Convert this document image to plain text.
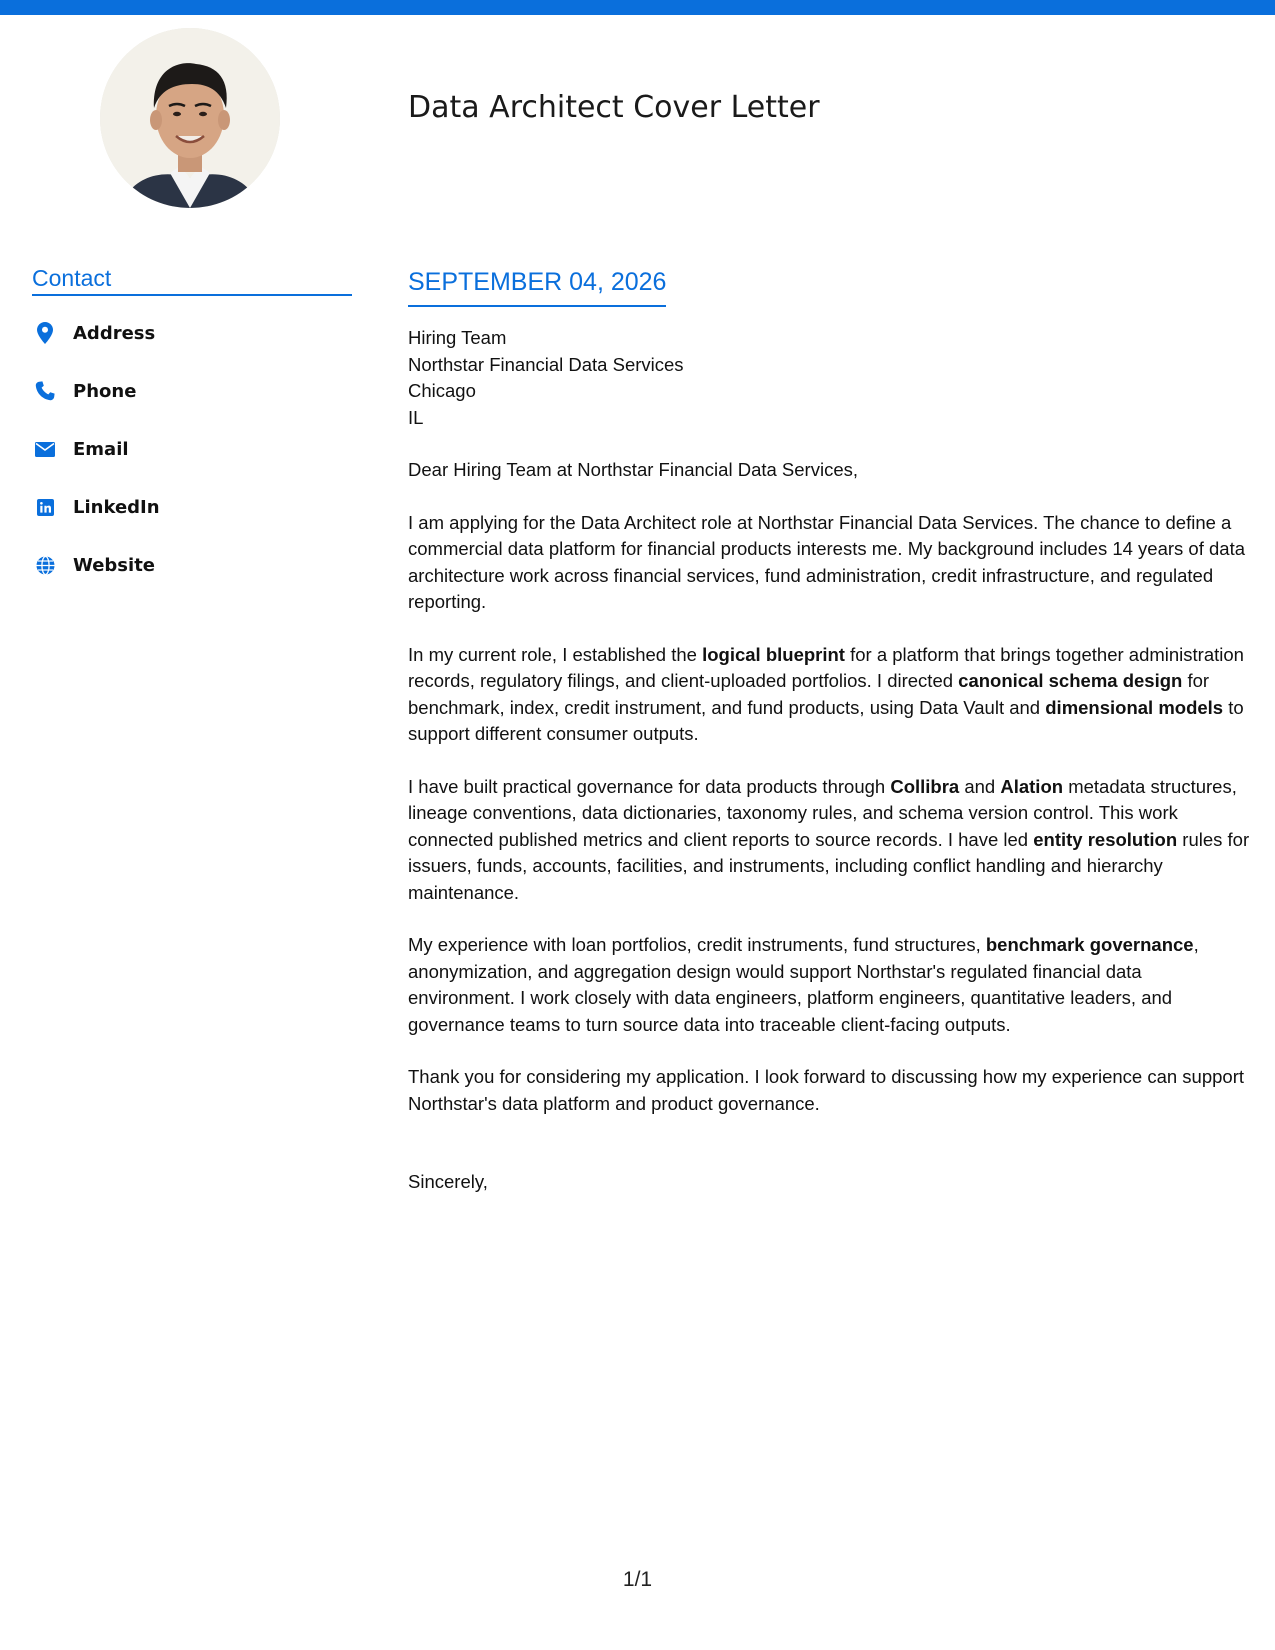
Data Architect Cover Letter
Contact
Address
Phone
Email
LinkedIn
Website
SEPTEMBER 04, 2026
Hiring Team
Northstar Financial Data Services
Chicago
IL
Dear Hiring Team at Northstar Financial Data Services,

I am applying for the Data Architect role at Northstar Financial Data Services. The chance to define a commercial data platform for financial products interests me. My background includes 14 years of data architecture work across financial services, fund administration, credit infrastructure, and regulated reporting.

In my current role, I established the logical blueprint for a platform that brings together administration records, regulatory filings, and client-uploaded portfolios. I directed canonical schema design for benchmark, index, credit instrument, and fund products, using Data Vault and dimensional models to support different consumer outputs.

I have built practical governance for data products through Collibra and Alation metadata structures, lineage conventions, data dictionaries, taxonomy rules, and schema version control. This work connected published metrics and client reports to source records. I have led entity resolution rules for issuers, funds, accounts, facilities, and instruments, including conflict handling and hierarchy maintenance.

My experience with loan portfolios, credit instruments, fund structures, benchmark governance, anonymization, and aggregation design would support Northstar's regulated financial data environment. I work closely with data engineers, platform engineers, quantitative leaders, and governance teams to turn source data into traceable client-facing outputs.

Thank you for considering my application. I look forward to discussing how my experience can support Northstar's data platform and product governance.

Sincerely,
1/1
